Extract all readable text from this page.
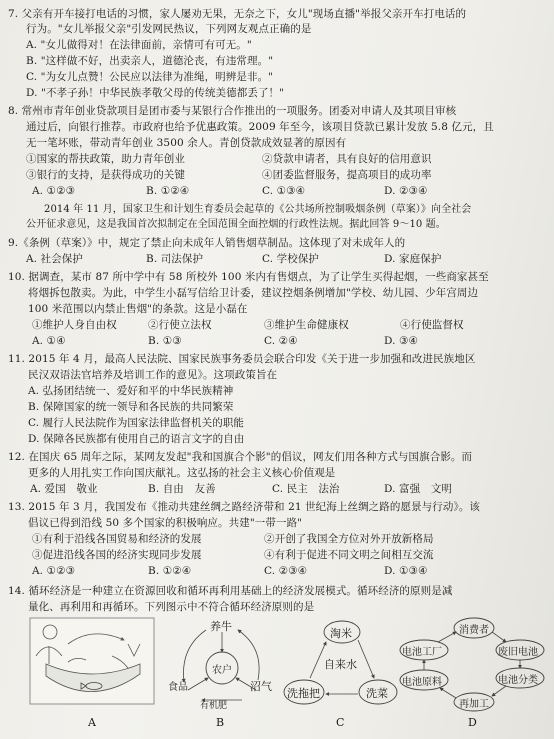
7. 父亲有开车接打电话的习惯，家人屡劝无果，无奈之下，女儿"现场直播"举报父亲开车打电话的
行为。"女儿举报父亲"引发网民热议，下列网友观点正确的是
A. "女儿做得对！在法律面前，亲情可有可无。"
B. "这样做不好，出卖亲人，道德沦丧，有违常理。"
C. "为女儿点赞！公民应以法律为准绳，明辨是非。"
D. "不孝子孙！中华民族孝敬父母的传统美德都丢了！"
8. 常州市青年创业贷款项目是团市委与某银行合作推出的一项服务。团委对申请人及其项目审核
通过后，向银行推荐。市政府也给予优惠政策。2009 年至今，该项目贷款已累计发放 5.8 亿元，且
无一笔坏账，带动青年创业 3500 余人。青创贷款成效显著的原因有
①国家的帮扶政策，助力青年创业	②贷款申请者，具有良好的信用意识
③银行的支持，是获得成功的关键	④团委监督服务，提高项目的成功率
A. ①②③	B. ①②④	C. ①③④	D. ②③④
2014 年 11 月，国家卫生和计划生育委员会起草的《公共场所控制吸烟条例（草案）》向全社会
公开征求意见，这是我国首次拟制定在全国范围全面控烟的行政性法规。据此回答 9～10 题。
9.《条例（草案）》中，规定了禁止向未成年人销售烟草制品。这体现了对未成年人的
A. 社会保护	B. 司法保护	C. 学校保护	D. 家庭保护
10. 据调查，某市 87 所中学中有 58 所校外 100 米内有售烟点，为了让学生买得起烟，一些商家甚至
将烟拆包散卖。为此，中学生小磊写信给卫计委，建议控烟条例增加"学校、幼儿园、少年宫周边
100 米范围以内禁止售烟"的条款。这是小磊在
①维护人身自由权	②行使立法权	③维护生命健康权	④行使监督权
A. ①④	B. ①③	C. ②④	D. ③④
11. 2015 年 4 月，最高人民法院、国家民族事务委员会联合印发《关于进一步加强和改进民族地区
民汉双语法官培养及培训工作的意见》。这项政策旨在
A. 弘扬团结统一、爱好和平的中华民族精神
B. 保障国家的统一领导和各民族的共同繁荣
C. 履行人民法院作为国家法律监督机关的职能
D. 保障各民族都有使用自己的语言文字的自由
12. 在国庆 65 周年之际，某网友发起"我和国旗合个影"的倡议，网友们用各种方式与国旗合影。而
更多的人用扎实工作向国庆献礼。这弘扬的社会主义核心价值观是
A. 爱国　敬业	B. 自由　友善	C. 民主　法治	D. 富强　文明
13. 2015 年 3 月，我国发布《推动共建丝绸之路经济带和 21 世纪海上丝绸之路的愿景与行动》。该
倡议已得到沿线 50 多个国家的积极响应。共建"一带一路"
①有利于沿线各国贸易和经济的发展	②开创了我国全方位对外开放新格局
③促进沿线各国的经济实现同步发展	④有利于促进不同文明之间相互交流
A. ①②③	B. ①②④	C. ②③④	D. ①③④
14. 循环经济是一种建立在资源回收和循环再利用基础上的经济发展模式。循环经济的原则是减
量化、再利用和再循环。下列图示中不符合循环经济原则的是
养牛
农户
沼气
食品
有机肥
淘米
自来水
洗拖把	洗菜
消费者
电池工厂	废旧电池
电池原料	电池分类
再加工
A	B	C	D
